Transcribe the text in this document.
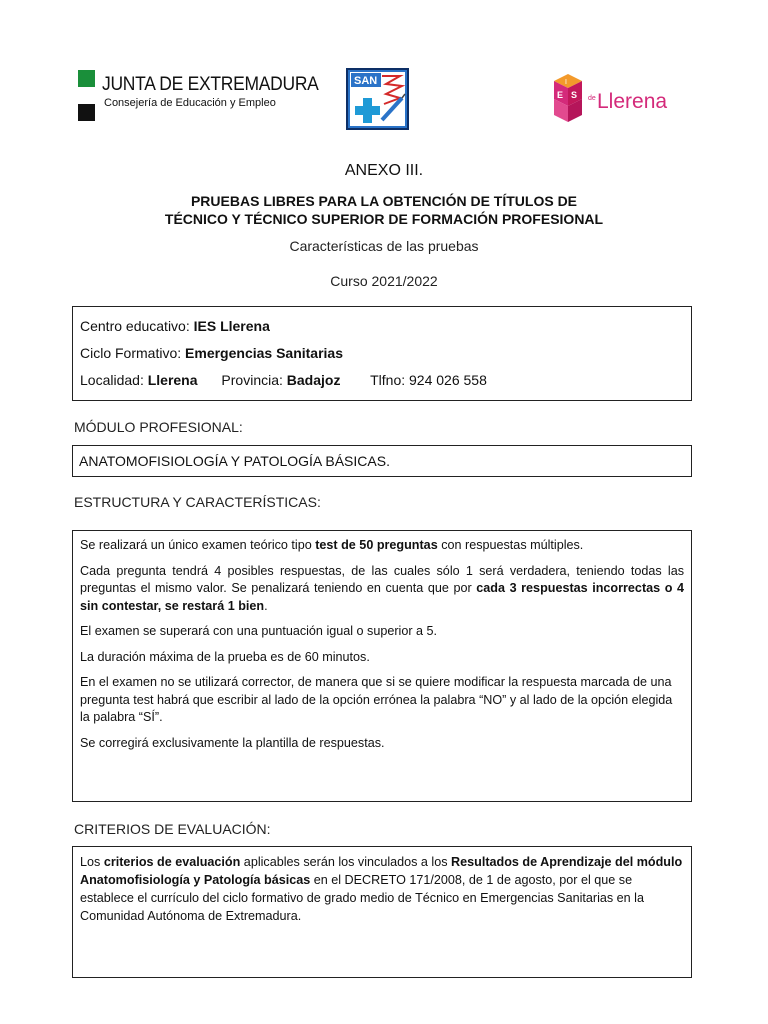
JUNTA DE EXTREMADURA
Consejería de Educación y Empleo
SAN	I
E S de Llerena
ANEXO III.
PRUEBAS LIBRES PARA LA OBTENCIÓN DE TÍTULOS DE
TÉCNICO Y TÉCNICO SUPERIOR DE FORMACIÓN PROFESIONAL
Características de las pruebas
Curso 2021/2022
Centro educativo: IES Llerena
Ciclo Formativo: Emergencias Sanitarias
Localidad: Llerena Provincia: Badajoz Tlfno: 924 026 558
MÓDULO PROFESIONAL:
ANATOMOFISIOLOGÍA Y PATOLOGÍA BÁSICAS.
ESTRUCTURA Y CARACTERÍSTICAS:

Se realizará un único examen teórico tipo test de 50 preguntas con respuestas múltiples.

Cada pregunta tendrá 4 posibles respuestas, de las cuales sólo 1 será verdadera, teniendo todas las preguntas el mismo valor. Se penalizará teniendo en cuenta que por cada 3 respuestas incorrectas o 4 sin contestar, se restará 1 bien.

El examen se superará con una puntuación igual o superior a 5.

La duración máxima de la prueba es de 60 minutos.

En el examen no se utilizará corrector, de manera que si se quiere modificar la respuesta marcada de una pregunta test habrá que escribir al lado de la opción errónea la palabra “NO” y al lado de la opción elegida la palabra “SÍ”.

Se corregirá exclusivamente la plantilla de respuestas.

CRITERIOS DE EVALUACIÓN:

Los criterios de evaluación aplicables serán los vinculados a los Resultados de Aprendizaje del módulo Anatomofisiología y Patología básicas en el DECRETO 171/2008, de 1 de agosto, por el que se establece el currículo del ciclo formativo de grado medio de Técnico en Emergencias Sanitarias en la Comunidad Autónoma de Extremadura.
